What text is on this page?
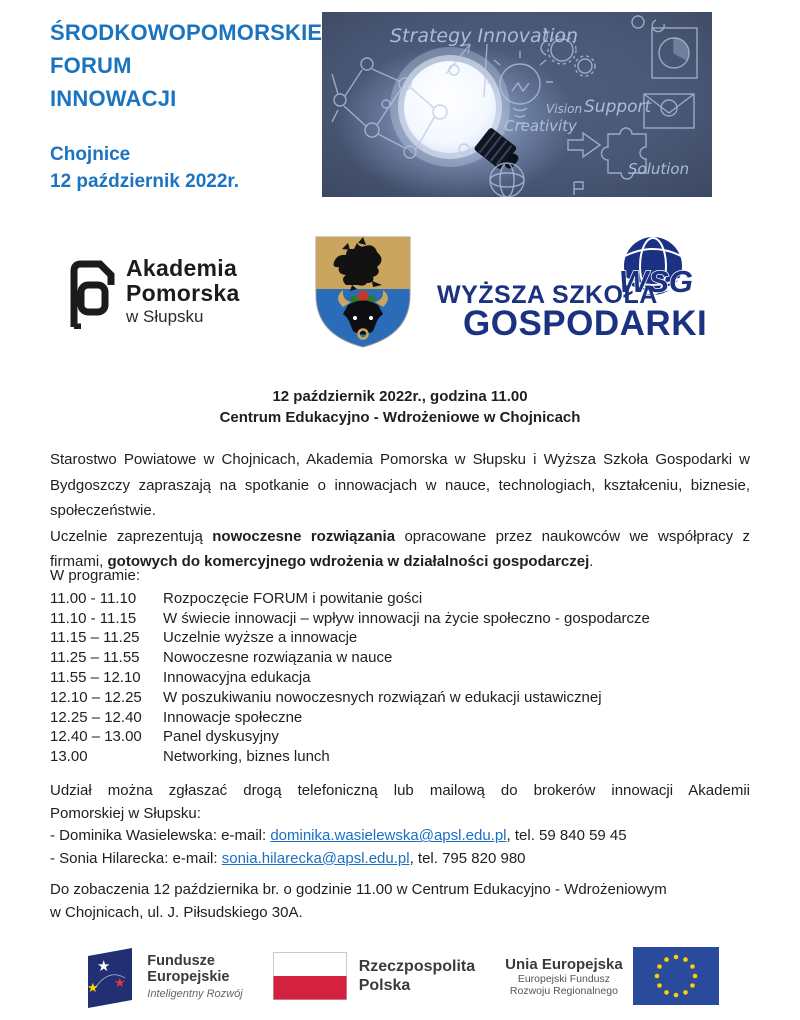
ŚRODKOWOPOMORSKIE
FORUM
INNOWACJI
Chojnice
12 październik 2022r.
Strategy Innovation
Vision
Creativity
Support
Solution
Akademia
Pomorska
w Słupsku
WSG
WYŻSZA SZKOŁA
GOSPODARKI
12 październik 2022r., godzina 11.00
Centrum Edukacyjno - Wdrożeniowe w Chojnicach
Starostwo Powiatowe w Chojnicach, Akademia Pomorska w Słupsku i Wyższa Szkoła Gospodarki w
Bydgoszczy zapraszają na spotkanie o innowacjach w nauce, technologiach, kształceniu, biznesie,
społeczeństwie.
Uczelnie zaprezentują nowoczesne rozwiązania opracowane przez naukowców we współpracy z
firmami, gotowych do komercyjnego wdrożenia w działalności gospodarczej.
W programie:
11.00 - 11.10	Rozpoczęcie FORUM i powitanie gości
11.10 - 11.15	W świecie innowacji – wpływ innowacji na życie społeczno - gospodarcze
11.15 – 11.25	Uczelnie wyższe a innowacje
11.25 – 11.55	Nowoczesne rozwiązania w nauce
11.55 – 12.10	Innowacyjna edukacja
12.10 – 12.25	W poszukiwaniu nowoczesnych rozwiązań w edukacji ustawicznej
12.25 – 12.40	Innowacje społeczne
12.40 – 13.00	Panel dyskusyjny
13.00	Networking, biznes lunch
Udział można zgłaszać drogą telefoniczną lub mailową do brokerów innowacji Akademii
Pomorskiej w Słupsku:
- Dominika Wasielewska: e-mail: dominika.wasielewska@apsl.edu.pl, tel. 59 840 59 45
- Sonia Hilarecka: e-mail: sonia.hilarecka@apsl.edu.pl, tel. 795 820 980
Do zobaczenia 12 października br. o godzinie 11.00 w Centrum Edukacyjno - Wdrożeniowym
w Chojnicach, ul. J. Piłsudskiego 30A.
★
★ ★
Fundusze
Europejskie
Inteligentny Rozwój
Rzeczpospolita
Polska
Unia Europejska
Europejski Fundusz
Rozwoju Regionalnego
